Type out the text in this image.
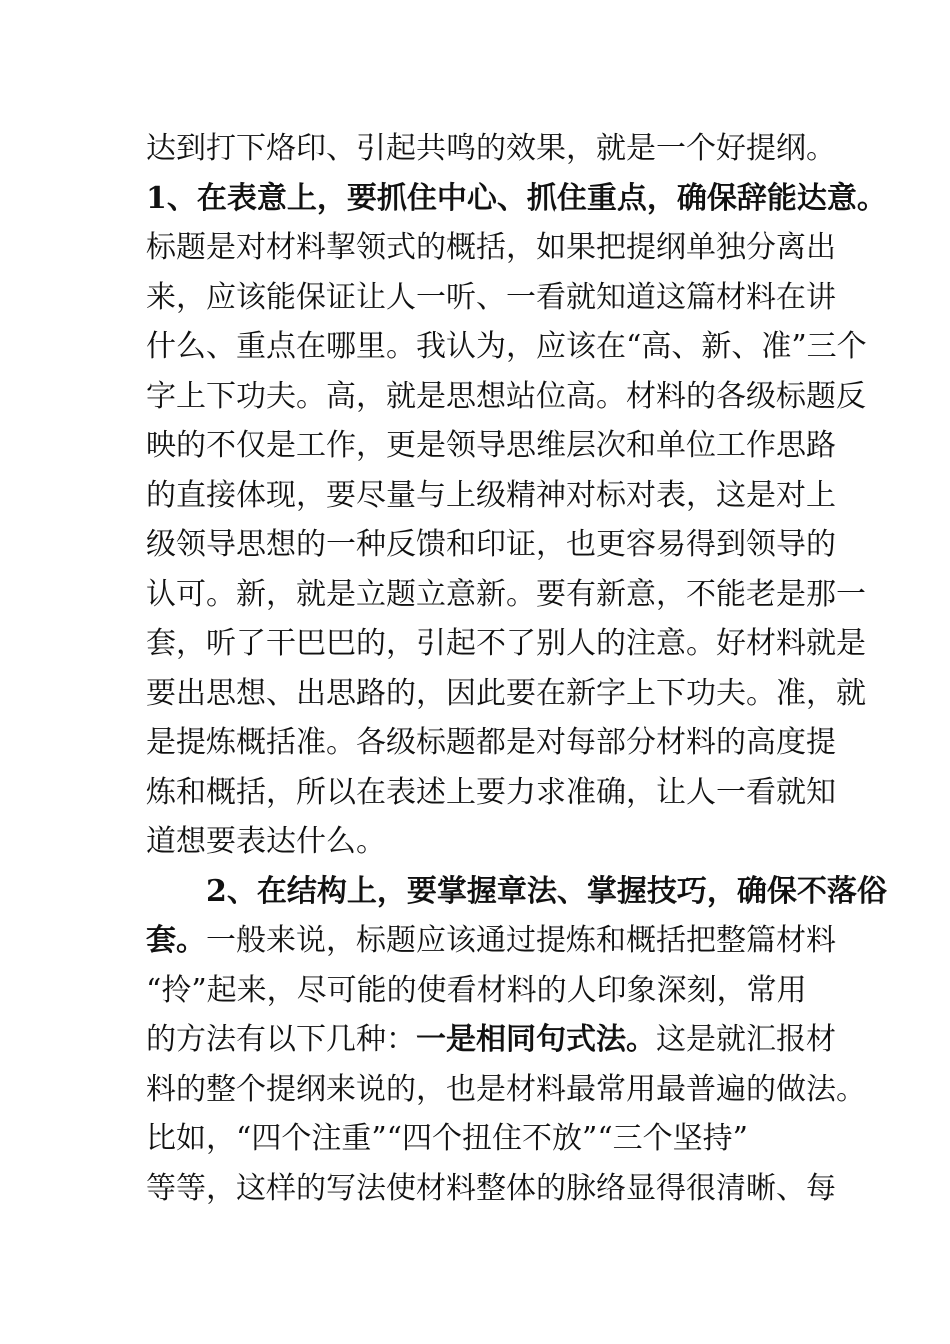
达到打下烙印、引起共鸣的效果，就是一个好提纲。
1、在表意上，要抓住中心、抓住重点，确保辞能达意。
标题是对材料挈领式的概括，如果把提纲单独分离出
来，应该能保证让人一听、一看就知道这篇材料在讲
什么、重点在哪里。我认为，应该在“高、新、准”三个
字上下功夫。高，就是思想站位高。材料的各级标题反
映的不仅是工作，更是领导思维层次和单位工作思路
的直接体现，要尽量与上级精神对标对表，这是对上
级领导思想的一种反馈和印证，也更容易得到领导的
认可。新，就是立题立意新。要有新意，不能老是那一
套，听了干巴巴的，引起不了别人的注意。好材料就是
要出思想、出思路的，因此要在新字上下功夫。准，就
是提炼概括准。各级标题都是对每部分材料的高度提
炼和概括，所以在表述上要力求准确，让人一看就知
道想要表达什么。
2、在结构上，要掌握章法、掌握技巧，确保不落俗
套。一般来说，标题应该通过提炼和概括把整篇材料
“拎”起来，尽可能的使看材料的人印象深刻，常用
的方法有以下几种：一是相同句式法。这是就汇报材
料的整个提纲来说的，也是材料最常用最普遍的做法。
比如，“四个注重”“四个扭住不放”“三个坚持”
等等，这样的写法使材料整体的脉络显得很清晰、每
